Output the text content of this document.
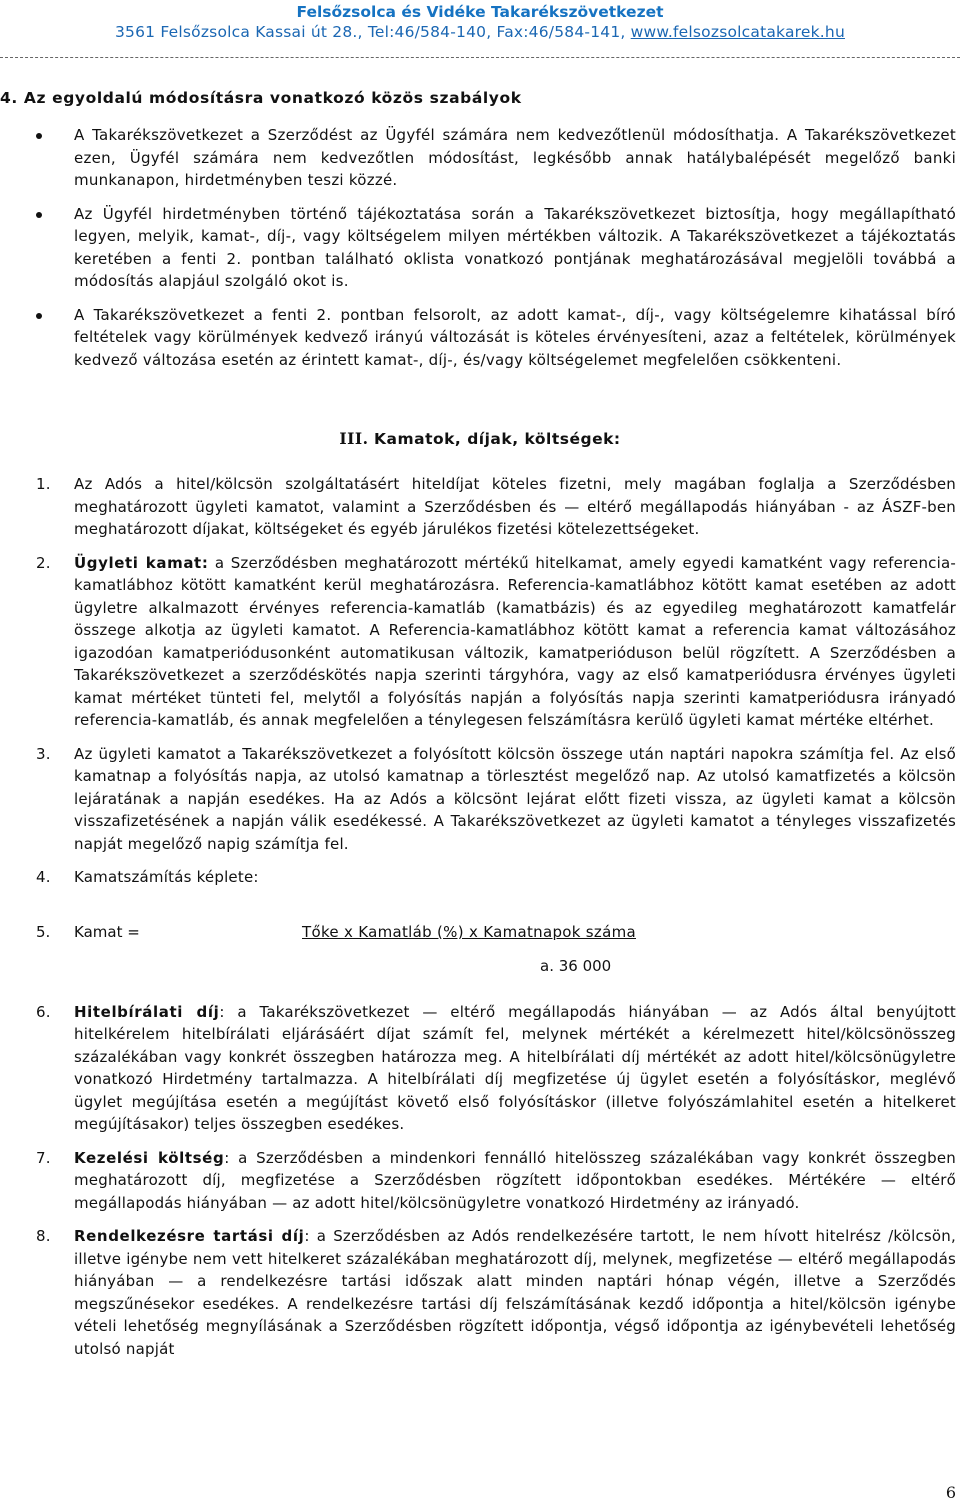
Felsőzsolca és Vidéke Takarékszövetkezet
3561 Felsőzsolca Kassai út 28., Tel:46/584-140, Fax:46/584-141, www.felsozsolcatakarek.hu
4. Az egyoldalú módosításra vonatkozó közös szabályok
A Takarékszövetkezet a Szerződést az Ügyfél számára nem kedvezőtlenül módosíthatja. A Takarékszövetkezet ezen, Ügyfél számára nem kedvezőtlen módosítást, legkésőbb annak hatálybalépését megelőző banki munkanapon, hirdetményben teszi közzé.
Az Ügyfél hirdetményben történő tájékoztatása során a Takarékszövetkezet biztosítja, hogy megállapítható legyen, melyik, kamat-, díj-, vagy költségelem milyen mértékben változik. A Takarékszövetkezet a tájékoztatás keretében a fenti 2. pontban található oklista vonatkozó pontjának meghatározásával megjelöli továbbá a módosítás alapjául szolgáló okot is.
A Takarékszövetkezet a fenti 2. pontban felsorolt, az adott kamat-, díj-, vagy költségelemre kihatással bíró feltételek vagy körülmények kedvező irányú változását is köteles érvényesíteni, azaz a feltételek, körülmények kedvező változása esetén az érintett kamat-, díj-, és/vagy költségelemet megfelelően csökkenteni.
III. Kamatok, díjak, költségek:
1. Az Adós a hitel/kölcsön szolgáltatásért hiteldíjat köteles fizetni, mely magában foglalja a Szerződésben meghatározott ügyleti kamatot, valamint a Szerződésben és — eltérő megállapodás hiányában - az ÁSZF-ben meghatározott díjakat, költségeket és egyéb járulékos fizetési kötelezettségeket.
2. Ügyleti kamat: a Szerződésben meghatározott mértékű hitelkamat, amely egyedi kamatként vagy referencia-kamatlábhoz kötött kamatként kerül meghatározásra. Referencia-kamatlábhoz kötött kamat esetében az adott ügyletre alkalmazott érvényes referencia-kamatláb (kamatbázis) és az egyedileg meghatározott kamatfelár összege alkotja az ügyleti kamatot. A Referencia-kamatlábhoz kötött kamat a referencia kamat változásához igazodóan kamatperiódusonként automatikusan változik, kamatperióduson belül rögzített. A Szerződésben a Takarékszövetkezet a szerződéskötés napja szerinti tárgyhóra, vagy az első kamatperiódusra érvényes ügyleti kamat mértéket tünteti fel, melytől a folyósítás napján a folyósítás napja szerinti kamatperiódusra irányadó referencia-kamatláb, és annak megfelelően a ténylegesen felszámításra kerülő ügyleti kamat mértéke eltérhet.
3. Az ügyleti kamatot a Takarékszövetkezet a folyósított kölcsön összege után naptári napokra számítja fel. Az első kamatnap a folyósítás napja, az utolsó kamatnap a törlesztést megelőző nap. Az utolsó kamatfizetés a kölcsön lejáratának a napján esedékes. Ha az Adós a kölcsönt lejárat előtt fizeti vissza, az ügyleti kamat a kölcsön visszafizetésének a napján válik esedékessé. A Takarékszövetkezet az ügyleti kamatot a tényleges visszafizetés napját megelőző napig számítja fel.
4. Kamatszámítás képlete:
5. Kamat =	Tőke x Kamatláb (%) x Kamatnapok száma
a. 36 000
6. Hitelbírálati díj: a Takarékszövetkezet — eltérő megállapodás hiányában — az Adós által benyújtott hitelkérelem hitelbírálati eljárásáért díjat számít fel, melynek mértékét a kérelmezett hitel/kölcsönösszeg százalékában vagy konkrét összegben határozza meg. A hitelbírálati díj mértékét az adott hitel/kölcsönügyletre vonatkozó Hirdetmény tartalmazza. A hitelbírálati díj megfizetése új ügylet esetén a folyósításkor, meglévő ügylet megújítása esetén a megújítást követő első folyósításkor (illetve folyószámlahitel esetén a hitelkeret megújításakor) teljes összegben esedékes.
7. Kezelési költség: a Szerződésben a mindenkori fennálló hitelösszeg százalékában vagy konkrét összegben meghatározott díj, megfizetése a Szerződésben rögzített időpontokban esedékes. Mértékére — eltérő megállapodás hiányában — az adott hitel/kölcsönügyletre vonatkozó Hirdetmény az irányadó.
8. Rendelkezésre tartási díj: a Szerződésben az Adós rendelkezésére tartott, le nem hívott hitelrész /kölcsön, illetve igénybe nem vett hitelkeret százalékában meghatározott díj, melynek, megfizetése — eltérő megállapodás hiányában — a rendelkezésre tartási időszak alatt minden naptári hónap végén, illetve a Szerződés megszűnésekor esedékes. A rendelkezésre tartási díj felszámításának kezdő időpontja a hitel/kölcsön igénybe vételi lehetőség megnyílásának a Szerződésben rögzített időpontja, végső időpontja az igénybevételi lehetőség utolsó napját
6
